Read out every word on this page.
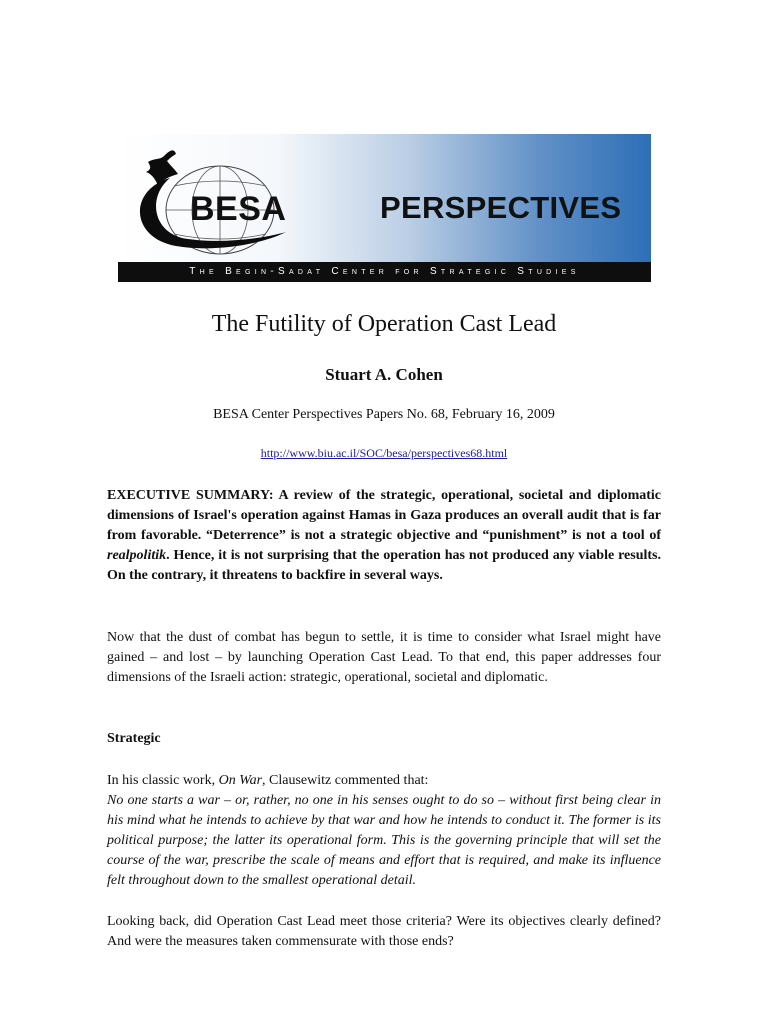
BESA	PERSPECTIVES
The Begin-Sadat Center for Strategic Studies
The Futility of Operation Cast Lead
Stuart A. Cohen
BESA Center Perspectives Papers No. 68, February 16, 2009
http://www.biu.ac.il/SOC/besa/perspectives68.html

EXECUTIVE SUMMARY: A review of the strategic, operational, societal and diplomatic dimensions of Israel's operation against Hamas in Gaza produces an overall audit that is far from favorable. “Deterrence” is not a strategic objective and “punishment” is not a tool of realpolitik. Hence, it is not surprising that the operation has not produced any viable results. On the contrary, it threatens to backfire in several ways.

Now that the dust of combat has begun to settle, it is time to consider what Israel might have gained – and lost – by launching Operation Cast Lead. To that end, this paper addresses four dimensions of the Israeli action: strategic, operational, societal and diplomatic.

Strategic

In his classic work, On War, Clausewitz commented that:

No one starts a war – or, rather, no one in his senses ought to do so – without first being clear in his mind what he intends to achieve by that war and how he intends to conduct it. The former is its political purpose; the latter its operational form. This is the governing principle that will set the course of the war, prescribe the scale of means and effort that is required, and make its influence felt throughout down to the smallest operational detail.

Looking back, did Operation Cast Lead meet those criteria? Were its objectives clearly defined? And were the measures taken commensurate with those ends?
